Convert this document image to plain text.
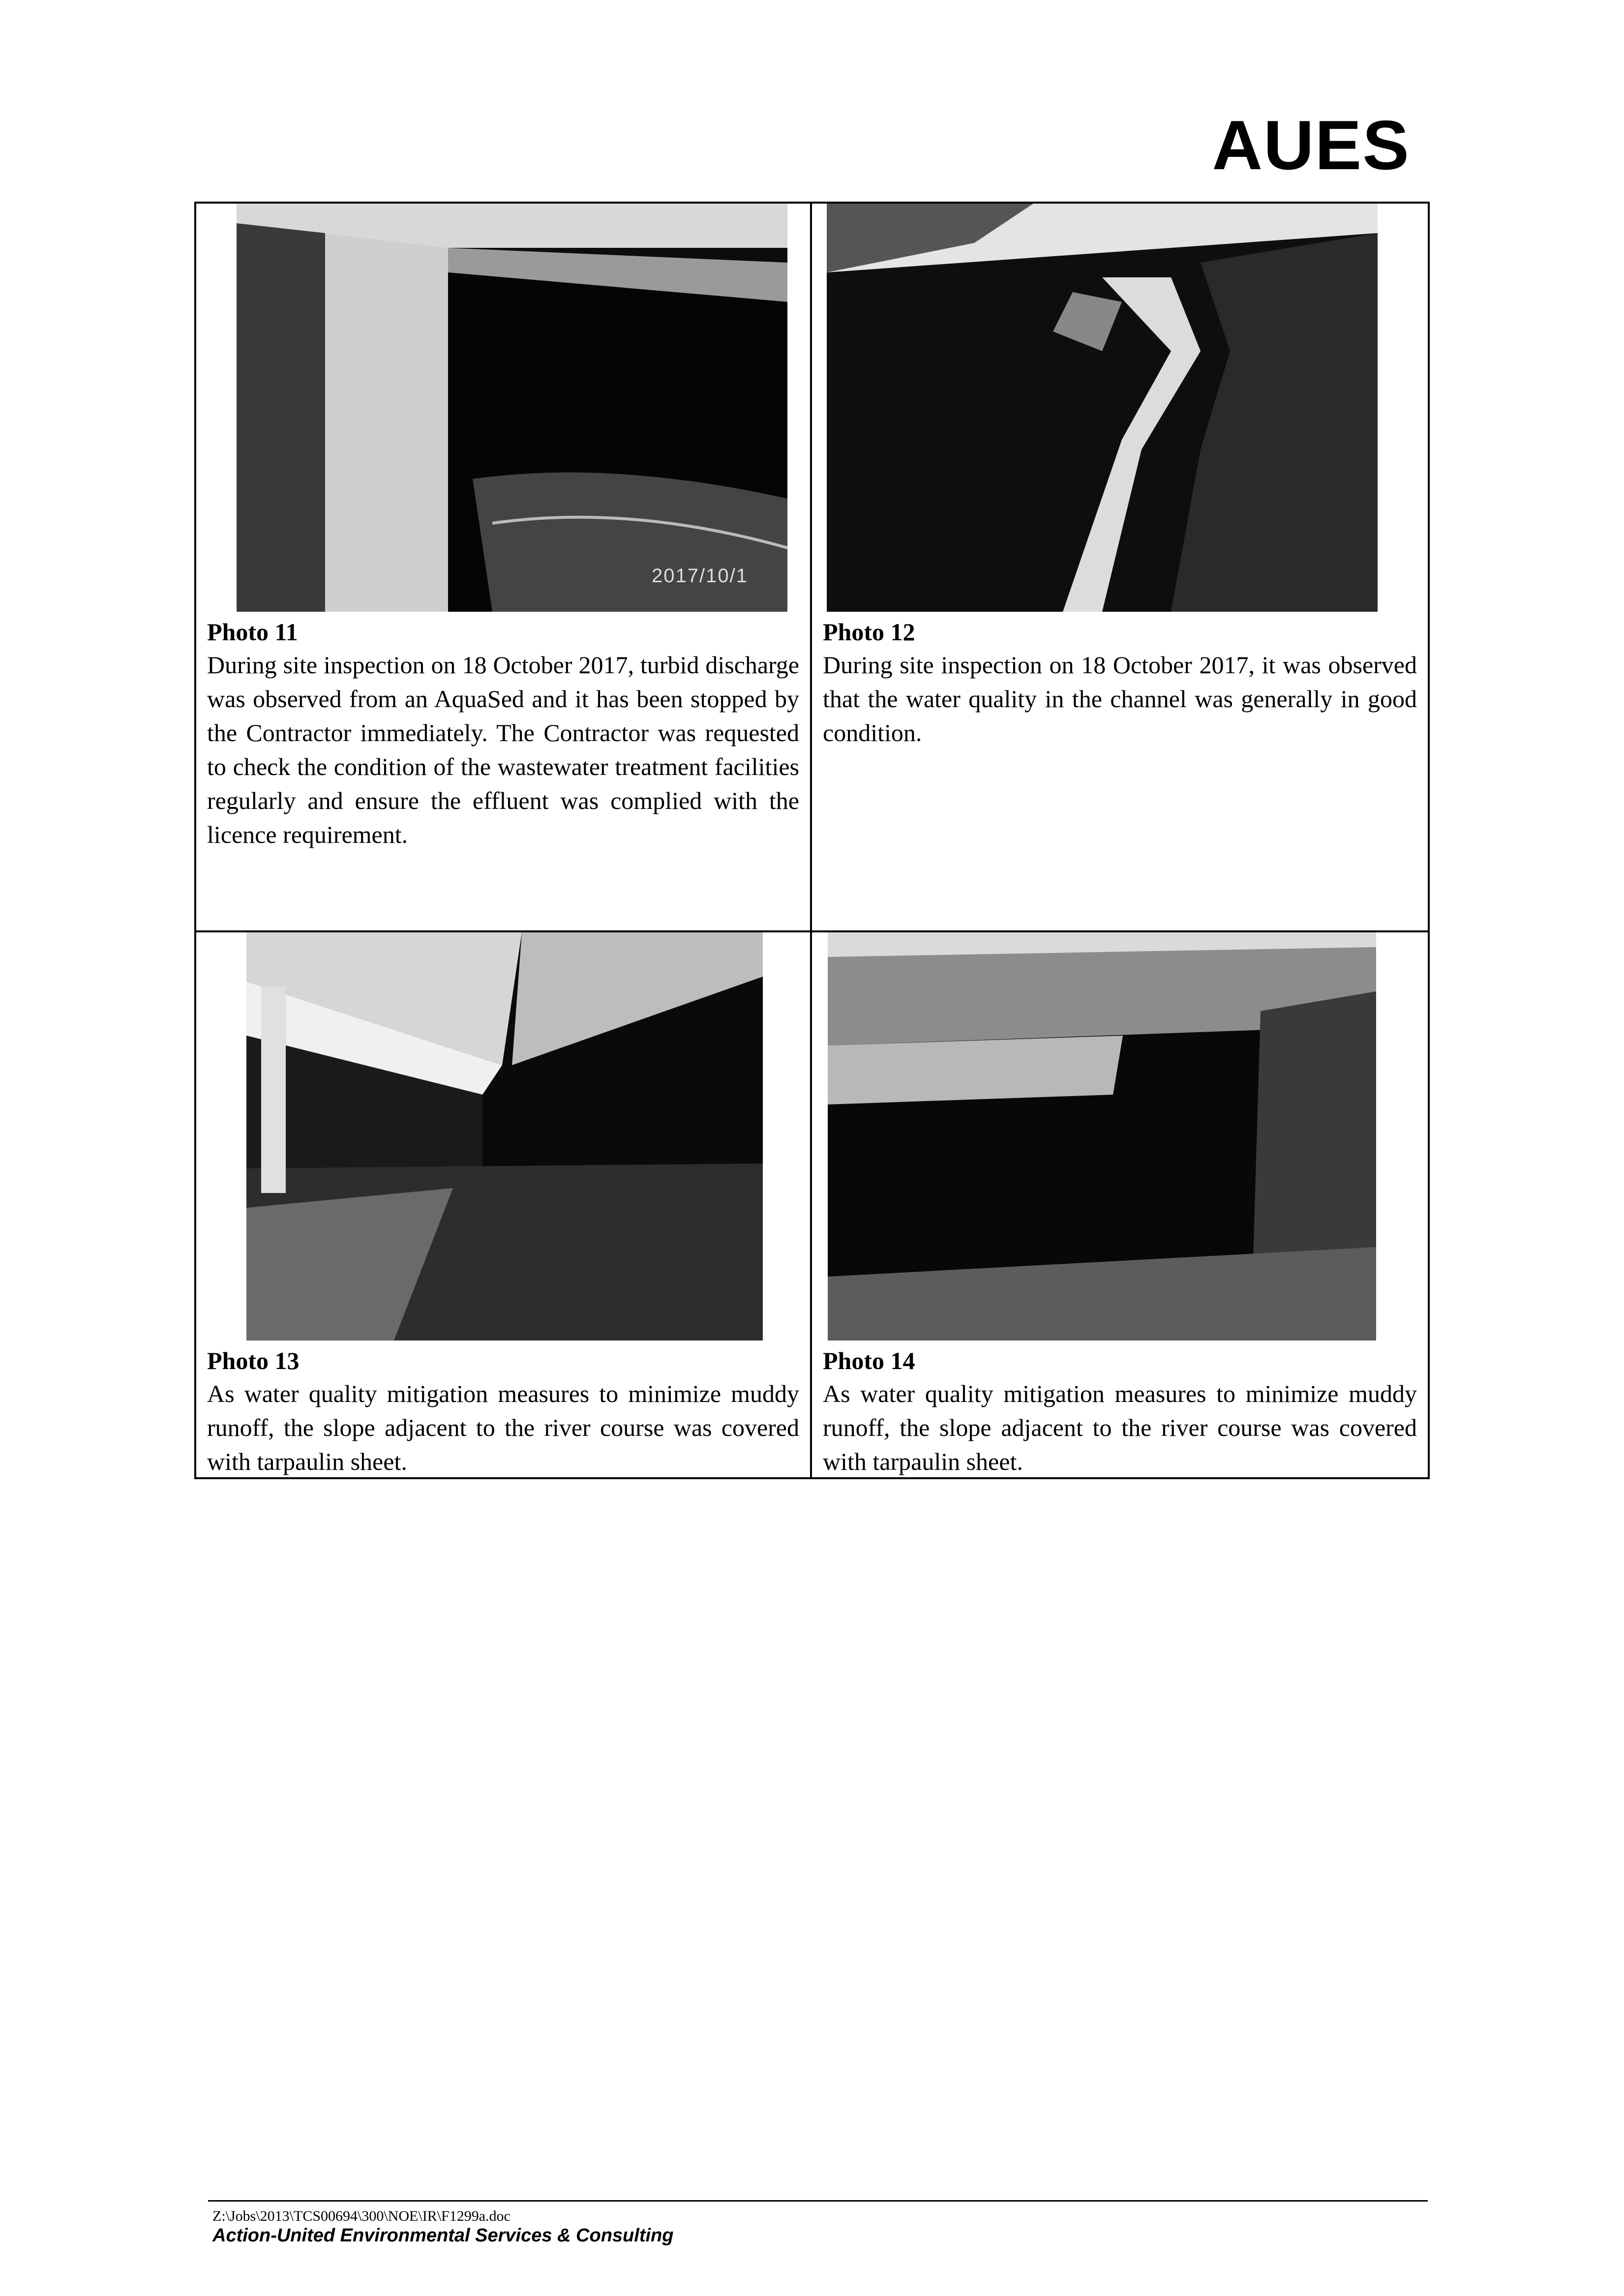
AUES
2017/10/1
Photo 11
During site inspection on 18 October 2017, turbid discharge was observed from an AquaSed and it has been stopped by the Contractor immediately. The Contractor was requested to check the condition of the wastewater treatment facilities regularly and ensure the effluent was complied with the licence requirement.
Photo 12
During site inspection on 18 October 2017, it was observed that the water quality in the channel was generally in good condition.
Photo 13
As water quality mitigation measures to minimize muddy runoff, the slope adjacent to the river course was covered with tarpaulin sheet.
Photo 14
As water quality mitigation measures to minimize muddy runoff, the slope adjacent to the river course was covered with tarpaulin sheet.
Z:\Jobs\2013\TCS00694\300\NOE\IR\F1299a.doc
Action-United Environmental Services & Consulting
